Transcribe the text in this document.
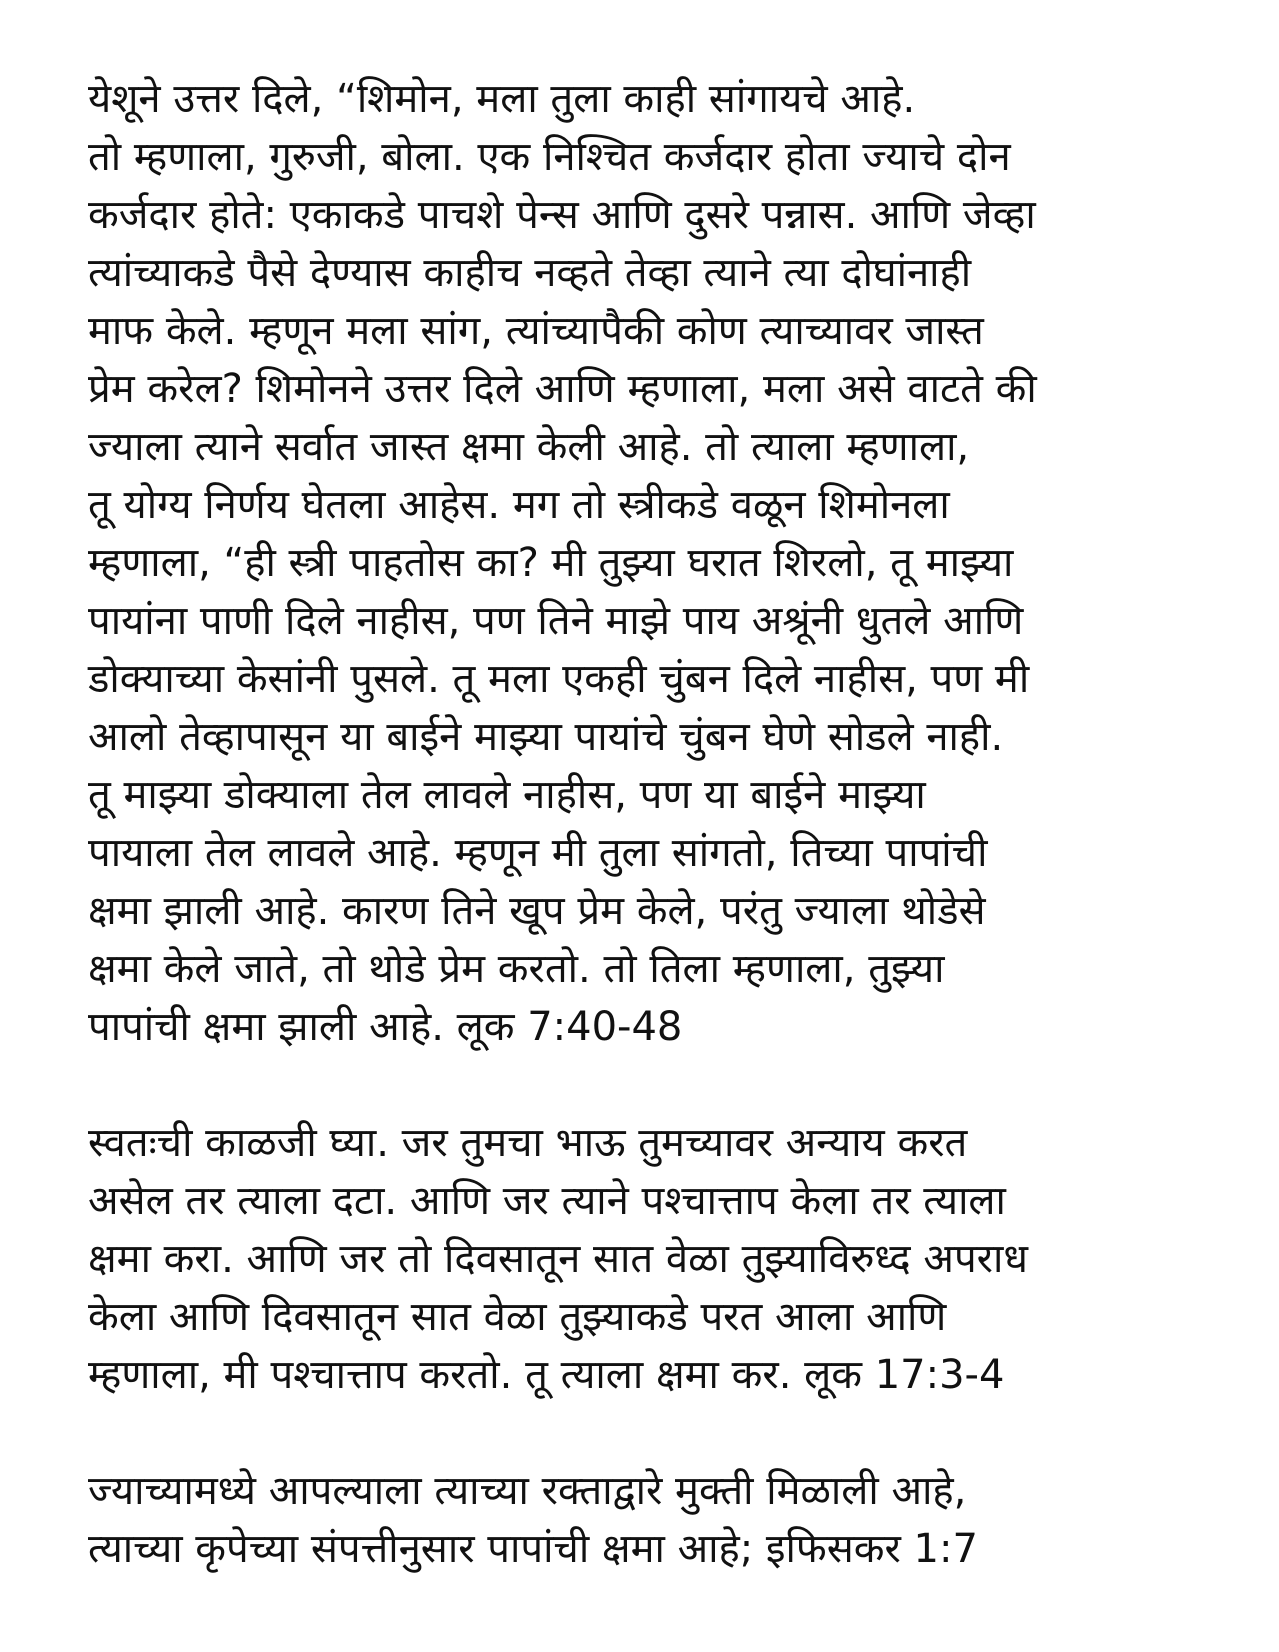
येशूने उत्तर दिले, “शिमोन, मला तुला काही सांगायचे आहे.
तो म्हणाला, गुरुजी, बोला. एक निश्चित कर्जदार होता ज्याचे दोन
कर्जदार होते: एकाकडे पाचशे पेन्स आणि दुसरे पन्नास. आणि जेव्हा
त्यांच्याकडे पैसे देण्यास काहीच नव्हते तेव्हा त्याने त्या दोघांनाही
माफ केले. म्हणून मला सांग, त्यांच्यापैकी कोण त्याच्यावर जास्त
प्रेम करेल? शिमोनने उत्तर दिले आणि म्हणाला, मला असे वाटते की
ज्याला त्याने सर्वात जास्त क्षमा केली आहे. तो त्याला म्हणाला,
तू योग्य निर्णय घेतला आहेस. मग तो स्त्रीकडे वळून शिमोनला
म्हणाला, “ही स्त्री पाहतोस का? मी तुझ्या घरात शिरलो, तू माझ्या
पायांना पाणी दिले नाहीस, पण तिने माझे पाय अश्रूंनी धुतले आणि
डोक्याच्या केसांनी पुसले. तू मला एकही चुंबन दिले नाहीस, पण मी
आलो तेव्हापासून या बाईने माझ्या पायांचे चुंबन घेणे सोडले नाही.
तू माझ्या डोक्याला तेल लावले नाहीस, पण या बाईने माझ्या
पायाला तेल लावले आहे. म्हणून मी तुला सांगतो, तिच्या पापांची
क्षमा झाली आहे. कारण तिने खूप प्रेम केले, परंतु ज्याला थोडेसे
क्षमा केले जाते, तो थोडे प्रेम करतो. तो तिला म्हणाला, तुझ्या
पापांची क्षमा झाली आहे. लूक 7:40-48
स्वतःची काळजी घ्या. जर तुमचा भाऊ तुमच्यावर अन्याय करत
असेल तर त्याला दटा. आणि जर त्याने पश्चात्ताप केला तर त्याला
क्षमा करा. आणि जर तो दिवसातून सात वेळा तुझ्याविरुध्द अपराध
केला आणि दिवसातून सात वेळा तुझ्याकडे परत आला आणि
म्हणाला, मी पश्चात्ताप करतो. तू त्याला क्षमा कर. लूक 17:3-4
ज्याच्यामध्ये आपल्याला त्याच्या रक्ताद्वारे मुक्ती मिळाली आहे,
त्याच्या कृपेच्या संपत्तीनुसार पापांची क्षमा आहे; इफिसकर 1:7
